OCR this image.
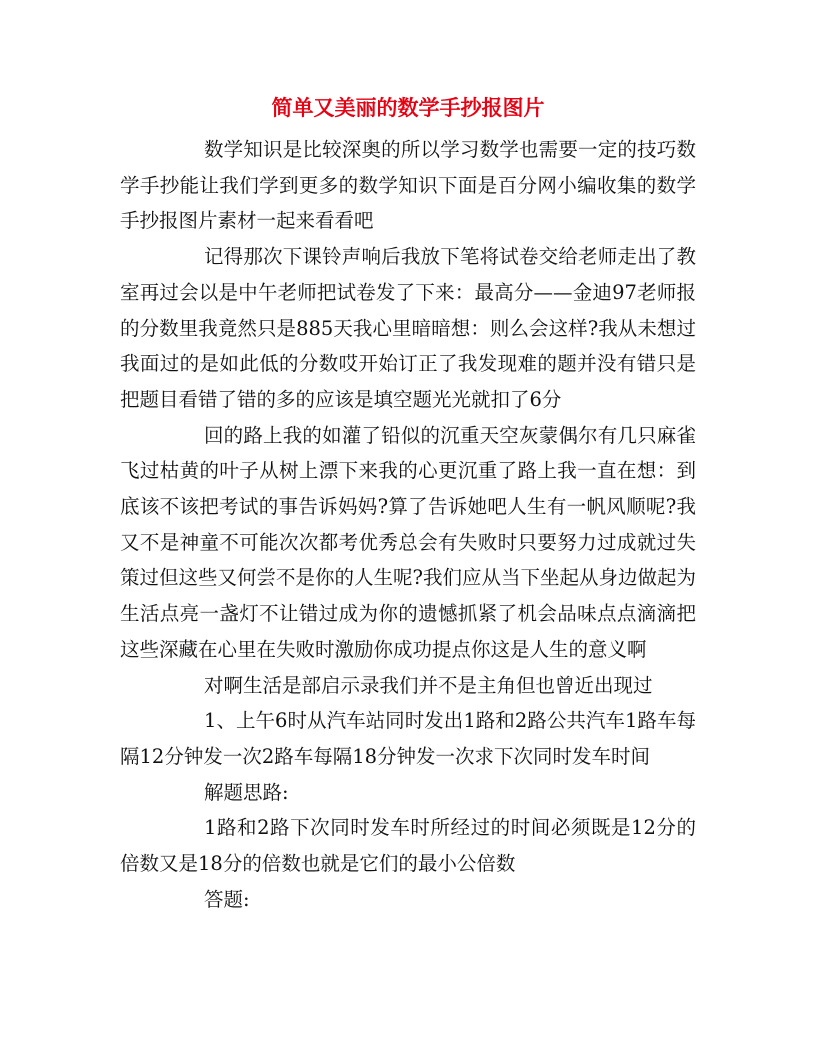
简单又美丽的数学手抄报图片

数学知识是比较深奥的所以学习数学也需要一定的技巧数学手抄能让我们学到更多的数学知识下面是百分网小编收集的数学手抄报图片素材一起来看看吧

记得那次下课铃声响后我放下笔将试卷交给老师走出了教室再过会以是中午老师把试卷发了下来：最高分——金迪97老师报的分数里我竟然只是885天我心里暗暗想：则么会这样?我从未想过我面过的是如此低的分数哎开始订正了我发现难的题并没有错只是把题目看错了错的多的应该是填空题光光就扣了6分

回的路上我的如灌了铅似的沉重天空灰蒙偶尔有几只麻雀飞过枯黄的叶子从树上漂下来我的心更沉重了路上我一直在想：到底该不该把考试的事告诉妈妈?算了告诉她吧人生有一帆风顺呢?我又不是神童不可能次次都考优秀总会有失败时只要努力过成就过失策过但这些又何尝不是你的人生呢?我们应从当下坐起从身边做起为生活点亮一盏灯不让错过成为你的遗憾抓紧了机会品味点点滴滴把这些深藏在心里在失败时激励你成功提点你这是人生的意义啊

对啊生活是部启示录我们并不是主角但也曾近出现过

1、上午6时从汽车站同时发出1路和2路公共汽车1路车每隔12分钟发一次2路车每隔18分钟发一次求下次同时发车时间

解题思路:

1路和2路下次同时发车时所经过的时间必须既是12分的倍数又是18分的倍数也就是它们的最小公倍数

答题:
